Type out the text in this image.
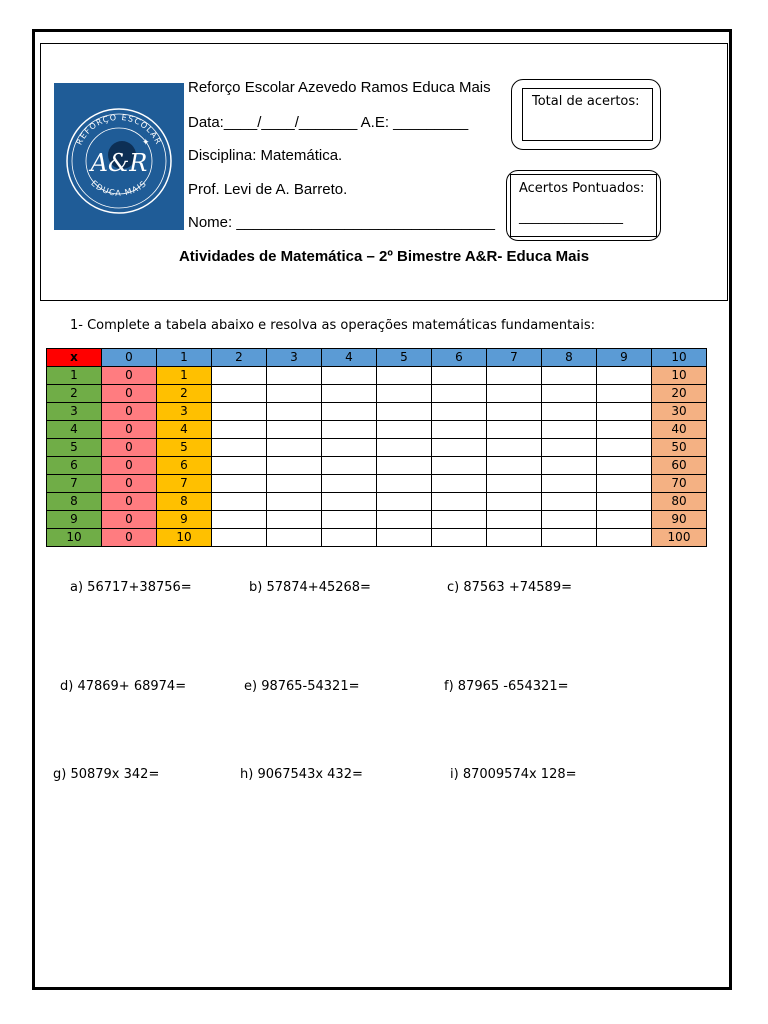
REFORÇO ESCOLAR
EDUCA MAIS
A&R
✦
Reforço Escolar Azevedo Ramos Educa Mais
Data:____/____/_______ A.E: _________
Disciplina: Matemática.
Prof. Levi de A. Barreto.
Nome: _______________________________
Total de acertos:
Acertos Pontuados:
________________
Atividades de Matemática – 2º Bimestre A&R- Educa Mais
1- Complete a tabela abaixo e resolva as operações matemáticas fundamentais:
x	0	1	2	3	4	5	6	7	8	9	10
1	0	1									10
2	0	2									20
3	0	3									30
4	0	4									40
5	0	5									50
6	0	6									60
7	0	7									70
8	0	8									80
9	0	9									90
10	0	10									100
a) 56717+38756=	b) 57874+45268=	c) 87563 +74589=
d) 47869+ 68974=	e) 98765-54321=	f) 87965 -654321=
g) 50879x 342=	h) 9067543x 432=	i) 87009574x 128=
